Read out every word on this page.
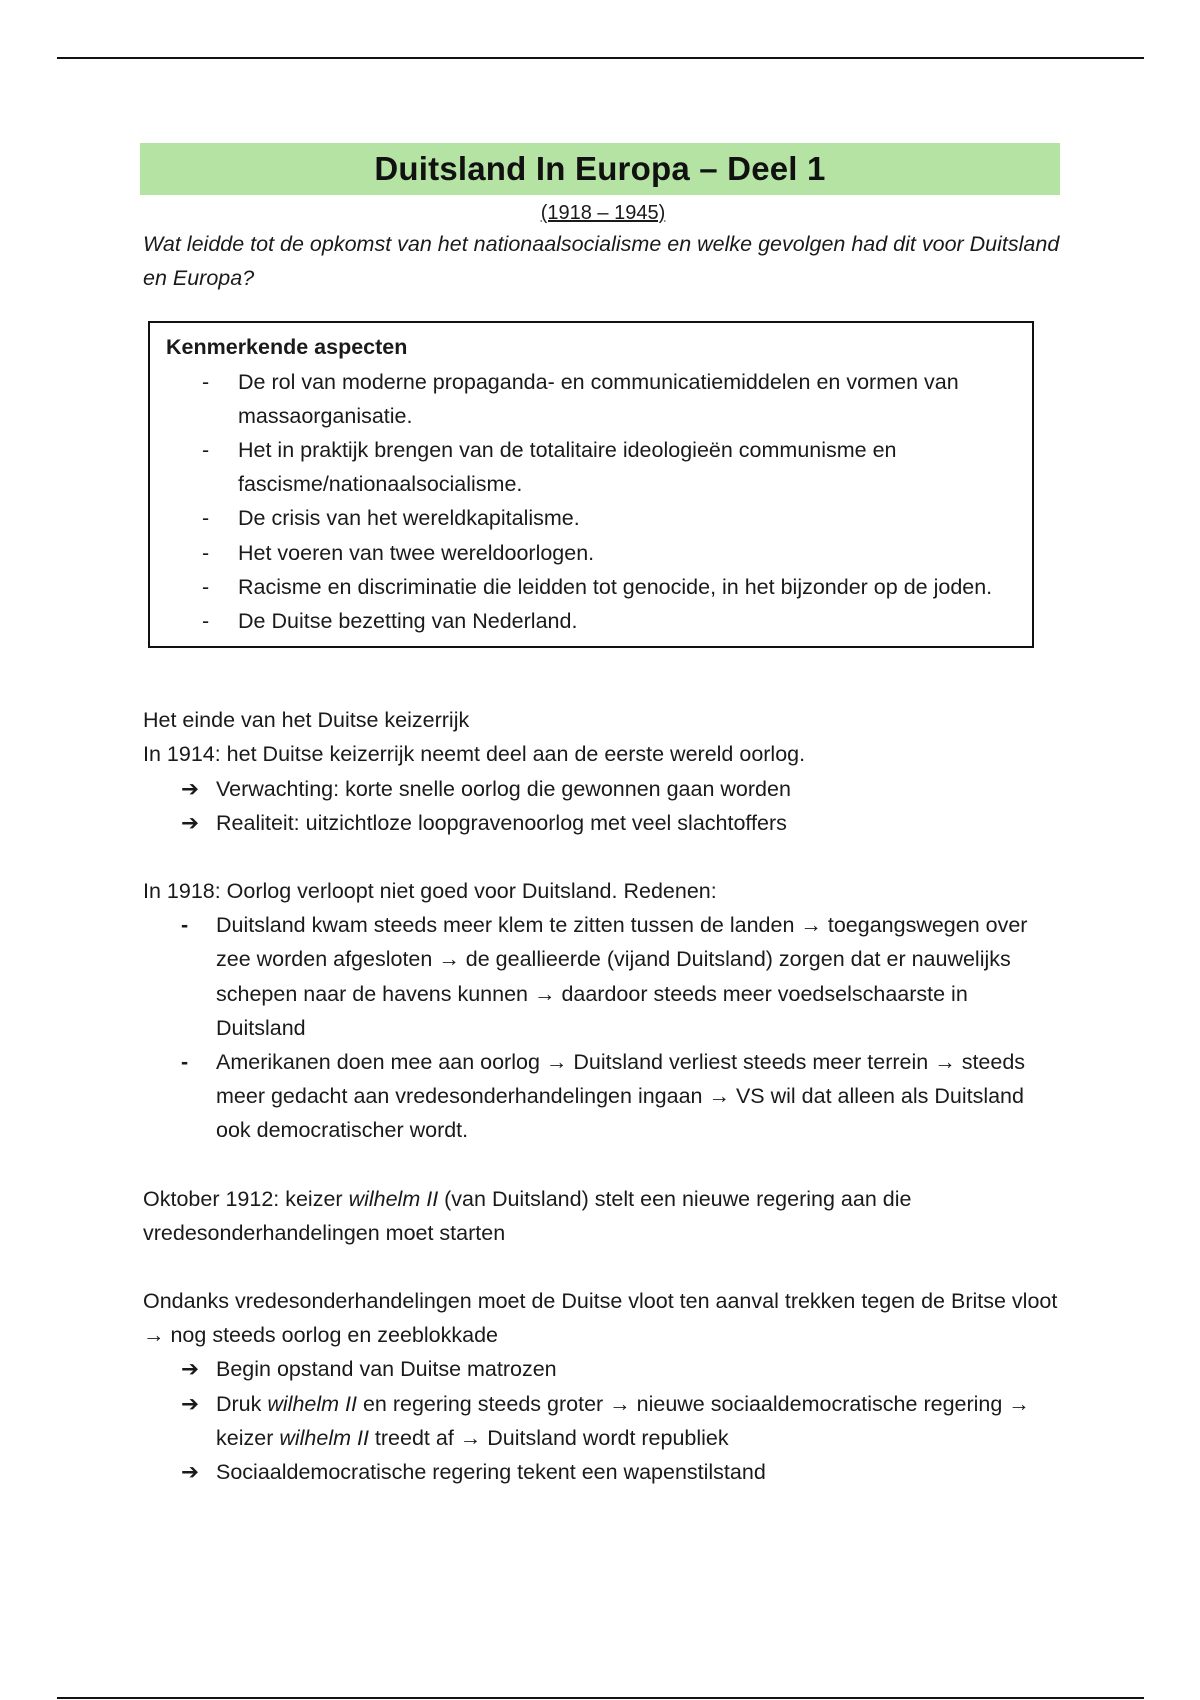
Duitsland In Europa – Deel 1
(1918 – 1945)
Wat leidde tot de opkomst van het nationaalsocialisme en welke gevolgen had dit voor Duitsland en Europa?
Kenmerkende aspecten
- De rol van moderne propaganda- en communicatiemiddelen en vormen van massaorganisatie.
- Het in praktijk brengen van de totalitaire ideologieën communisme en fascisme/nationaalsocialisme.
- De crisis van het wereldkapitalisme.
- Het voeren van twee wereldoorlogen.
- Racisme en discriminatie die leidden tot genocide, in het bijzonder op de joden.
- De Duitse bezetting van Nederland.
Het einde van het Duitse keizerrijk
In 1914: het Duitse keizerrijk neemt deel aan de eerste wereld oorlog.
➔ Verwachting: korte snelle oorlog die gewonnen gaan worden
➔ Realiteit: uitzichtloze loopgravenoorlog met veel slachtoffers
In 1918: Oorlog verloopt niet goed voor Duitsland. Redenen:
- Duitsland kwam steeds meer klem te zitten tussen de landen → toegangswegen over zee worden afgesloten → de geallieerde (vijand Duitsland) zorgen dat er nauwelijks schepen naar de havens kunnen → daardoor steeds meer voedselschaarste in Duitsland
- Amerikanen doen mee aan oorlog → Duitsland verliest steeds meer terrein → steeds meer gedacht aan vredesonderhandelingen ingaan → VS wil dat alleen als Duitsland ook democratischer wordt.
Oktober 1912: keizer wilhelm II (van Duitsland) stelt een nieuwe regering aan die vredesonderhandelingen moet starten
Ondanks vredesonderhandelingen moet de Duitse vloot ten aanval trekken tegen de Britse vloot → nog steeds oorlog en zeeblokkade
➔ Begin opstand van Duitse matrozen
➔ Druk wilhelm II en regering steeds groter → nieuwe sociaaldemocratische regering → keizer wilhelm II treedt af → Duitsland wordt republiek
➔ Sociaaldemocratische regering tekent een wapenstilstand
